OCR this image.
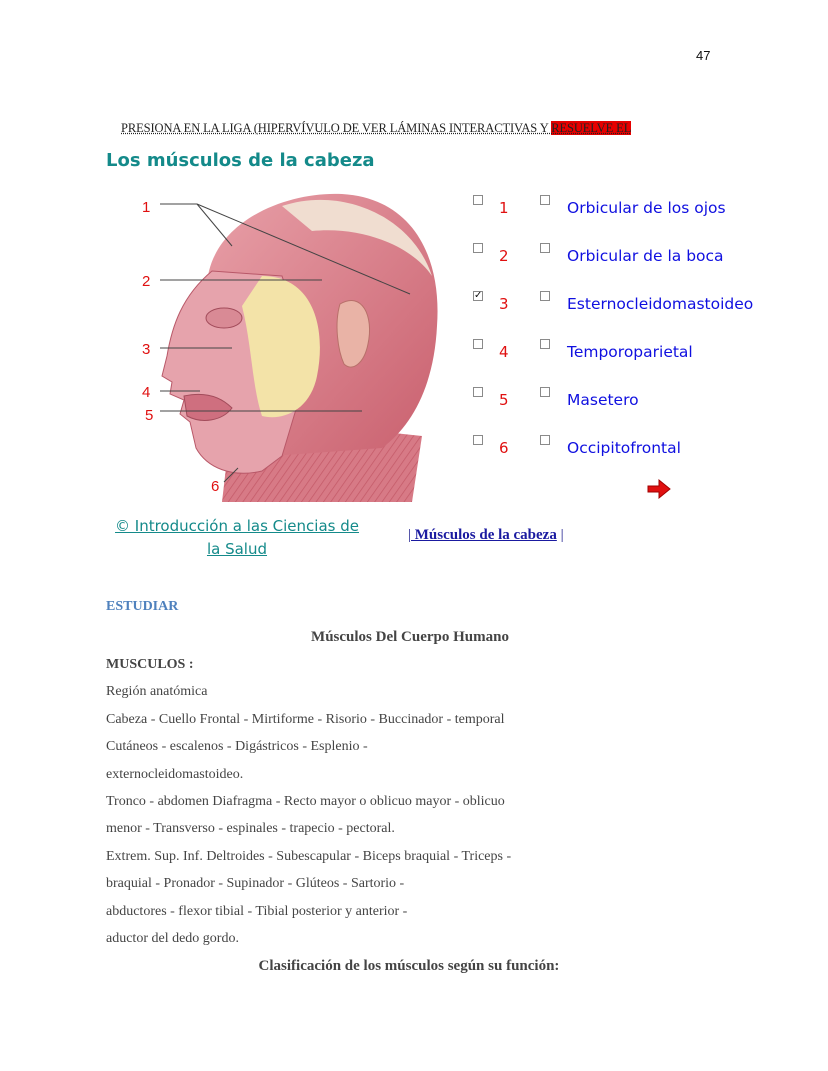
47
PRESIONA EN LA LIGA (HIPERVÍVULO DE VER LÁMINAS INTERACTIVAS Y RESUELVE EL
Los músculos de la cabeza
1
2
3
4
5
6
1	Orbicular de los ojos
2	Orbicular de la boca
✓ 3	Esternocleidomastoideo
4	Temporoparietal
5	Masetero
6	Occipitofrontal
© Introducción a las Ciencias de
la Salud
| Músculos de la cabeza |
ESTUDIAR
Músculos Del Cuerpo Humano
MUSCULOS :
Región anatómica
Cabeza - Cuello Frontal - Mirtiforme - Risorio - Buccinador - temporal
Cutáneos - escalenos - Digástricos - Esplenio -
externocleidomastoideo.
Tronco - abdomen Diafragma - Recto mayor o oblicuo mayor - oblicuo
menor - Transverso - espinales - trapecio - pectoral.
Extrem. Sup. Inf. Deltroides - Subescapular - Biceps braquial - Triceps -
braquial - Pronador - Supinador - Glúteos - Sartorio -
abductores - flexor tibial - Tibial posterior y anterior -
aductor del dedo gordo.
Clasificación de los músculos según su función:
